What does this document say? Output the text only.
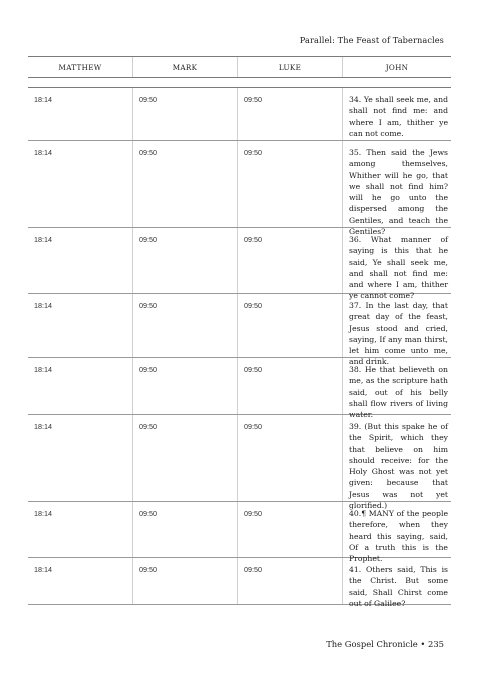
Parallel: The Feast of Tabernacles
MATTHEW	MARK	LUKE	JOHN
18:14	09:50	09:50	34. Ye shall seek me, and shall not find me: and where I am, thither ye can not come.
18:14	09:50	09:50	35. Then said the Jews among themselves, Whither will he go, that we shall not find him? will he go unto the dispersed among the Gentiles, and teach the Gentiles?
18:14	09:50	09:50	36. What manner of saying is this that he said, Ye shall seek me, and shall not find me: and where I am, thither ye cannot come?
18:14	09:50	09:50	37. In the last day, that great day of the feast, Jesus stood and cried, saying, If any man thirst, let him come unto me, and drink.
18:14	09:50	09:50	38. He that believeth on me, as the scripture hath said, out of his belly shall flow rivers of living water.
18:14	09:50	09:50	39. (But this spake he of the Spirit, which they that believe on him should receive: for the Holy Ghost was not yet given: because that Jesus was not yet glorified.)
18:14	09:50	09:50	40.¶ MANY of the people therefore, when they heard this saying, said, Of a truth this is the Prophet.
18:14	09:50	09:50	41. Others said, This is the Christ. But some said, Shall Chirst come out of Galilee?
The Gospel Chronicle • 235
